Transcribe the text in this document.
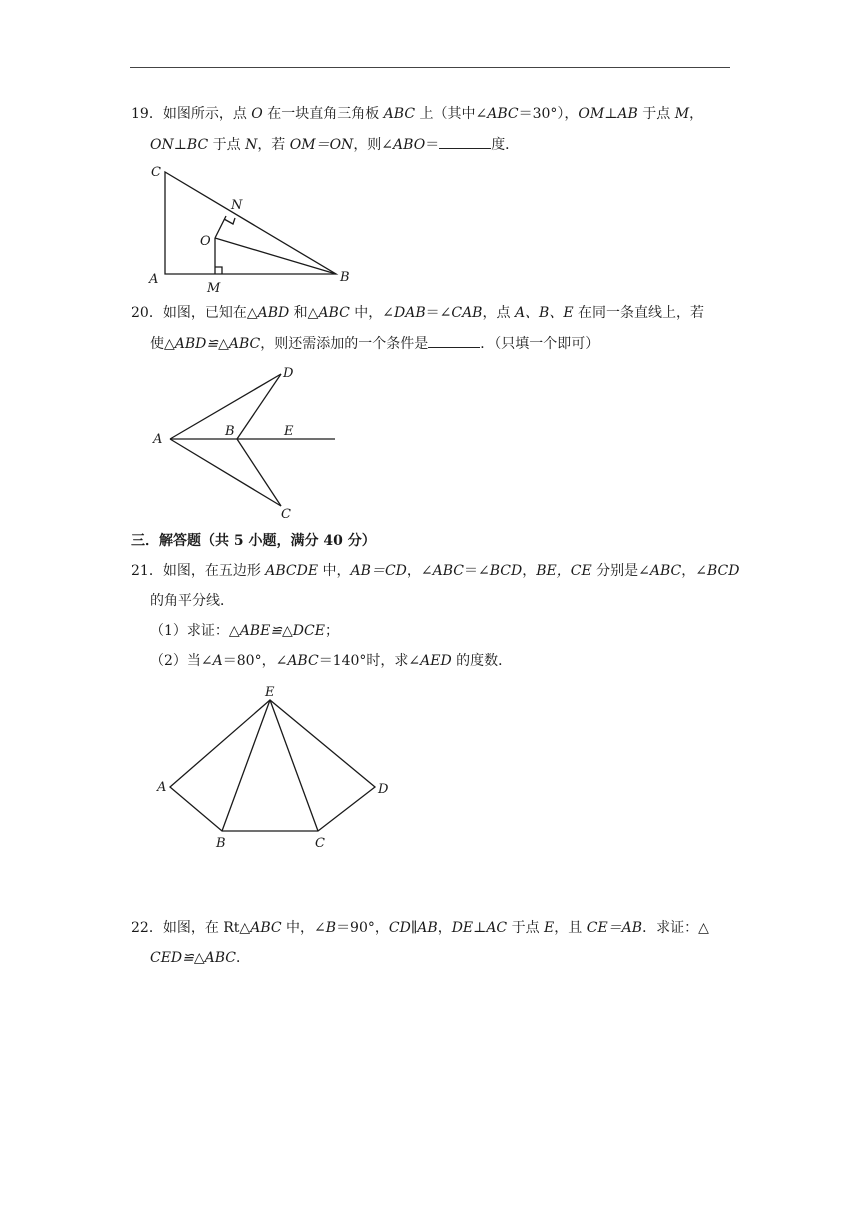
19．如图所示，点 O 在一块直角三角板 ABC 上（其中∠ABC＝30°），OM⊥AB 于点 M，
ON⊥BC 于点 N，若 OM＝ON，则∠ABO＝	度．
C
N
O
A
M
B
20．如图，已知在△ABD 和△ABC 中，∠DAB＝∠CAB，点 A、B、E 在同一条直线上，若
使△ABD≌△ABC，则还需添加的一个条件是	．（只填一个即可）
D
A
B	E
C
三．解答题（共 5 小题，满分 40 分）
21．如图，在五边形 ABCDE 中，AB＝CD，∠ABC＝∠BCD，BE，CE 分别是∠ABC，∠BCD
的角平分线．
（1）求证：△ABE≌△DCE；
（2）当∠A＝80°，∠ABC＝140°时，求∠AED 的度数．
E
A	D
B	C
22．如图，在 Rt△ABC 中，∠B＝90°，CD∥AB，DE⊥AC 于点 E，且 CE＝AB．求证：△
CED≌△ABC．
